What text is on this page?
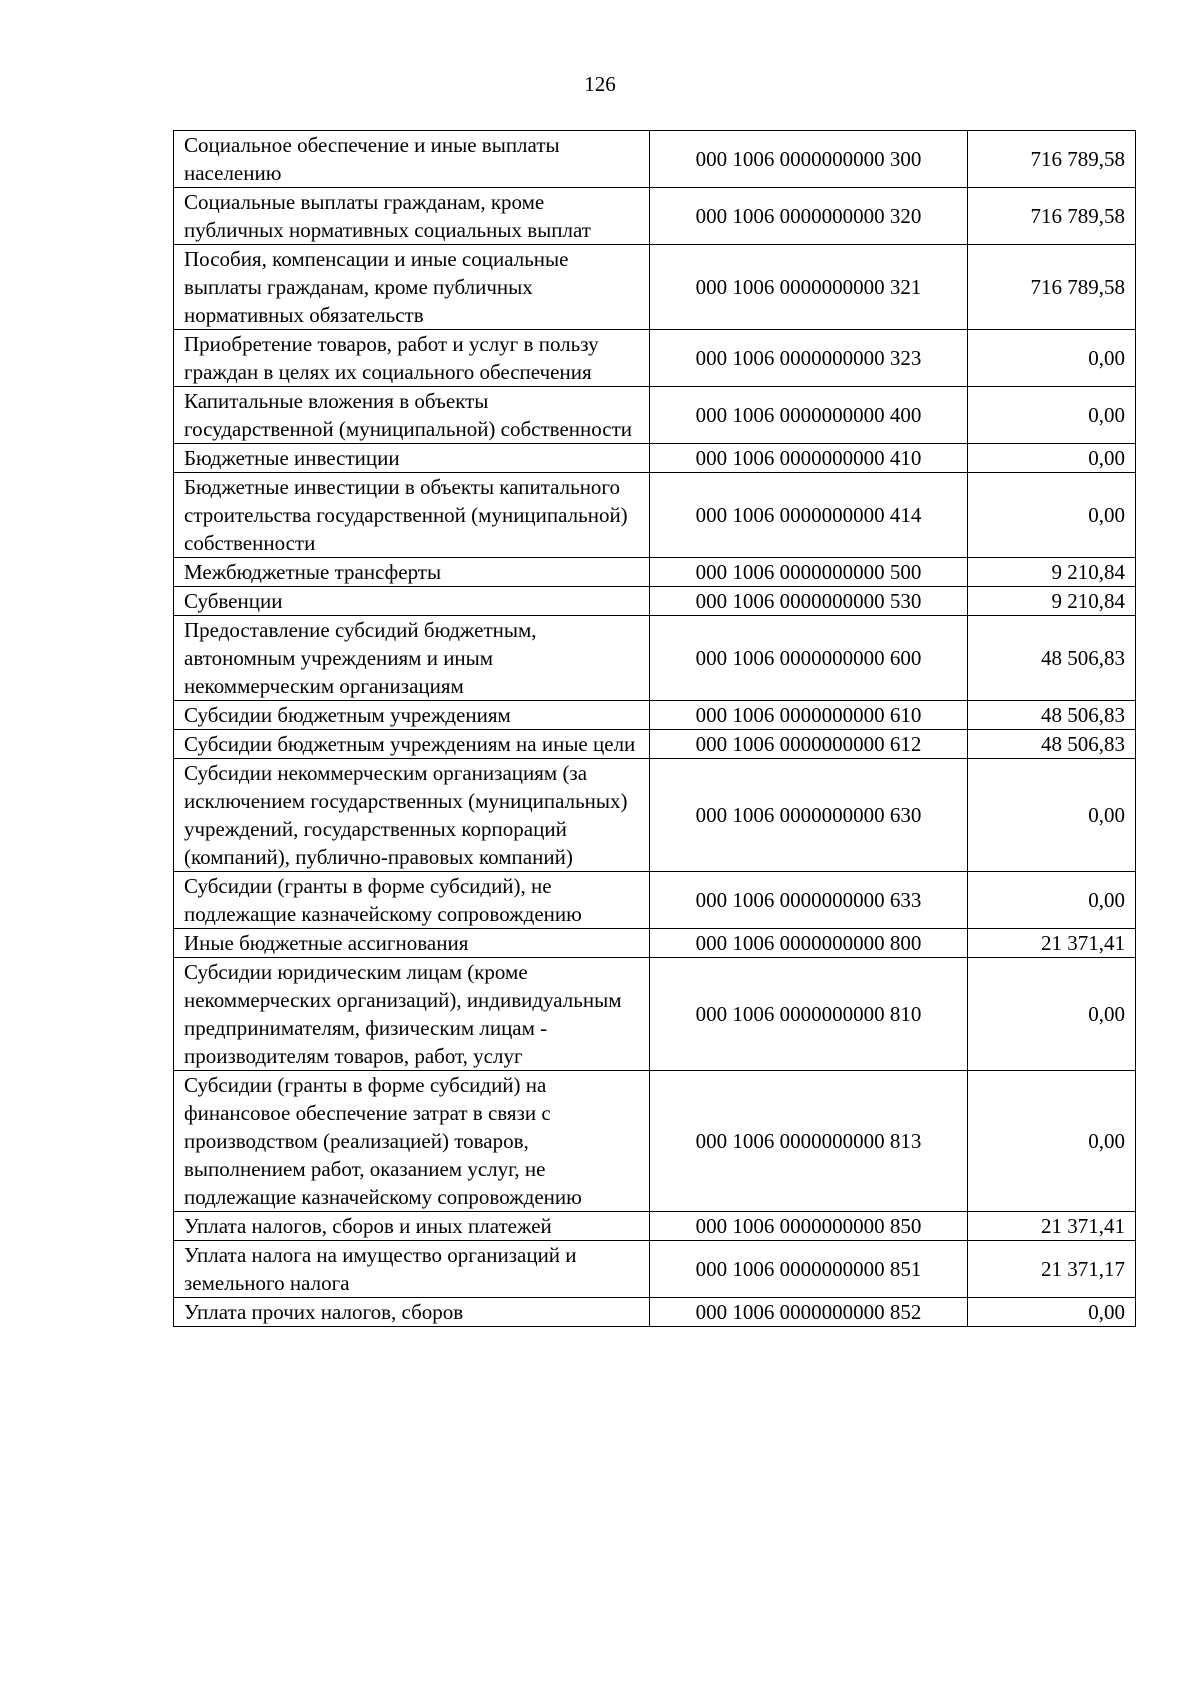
126
Социальное обеспечение и иные выплаты населению	000 1006 0000000000 300	716 789,58
Социальные выплаты гражданам, кроме публичных нормативных социальных выплат	000 1006 0000000000 320	716 789,58
Пособия, компенсации и иные социальные выплаты гражданам, кроме публичных нормативных обязательств	000 1006 0000000000 321	716 789,58
Приобретение товаров, работ и услуг в пользу граждан в целях их социального обеспечения	000 1006 0000000000 323	0,00
Капитальные вложения в объекты государственной (муниципальной) собственности	000 1006 0000000000 400	0,00
Бюджетные инвестиции	000 1006 0000000000 410	0,00
Бюджетные инвестиции в объекты капитального строительства государственной (муниципальной) собственности	000 1006 0000000000 414	0,00
Межбюджетные трансферты	000 1006 0000000000 500	9 210,84
Субвенции	000 1006 0000000000 530	9 210,84
Предоставление субсидий бюджетным, автономным учреждениям и иным некоммерческим организациям	000 1006 0000000000 600	48 506,83
Субсидии бюджетным учреждениям	000 1006 0000000000 610	48 506,83
Субсидии бюджетным учреждениям на иные цели	000 1006 0000000000 612	48 506,83
Субсидии некоммерческим организациям (за исключением государственных (муниципальных) учреждений, государственных корпораций (компаний), публично-правовых компаний)	000 1006 0000000000 630	0,00
Субсидии (гранты в форме субсидий), не подлежащие казначейскому сопровождению	000 1006 0000000000 633	0,00
Иные бюджетные ассигнования	000 1006 0000000000 800	21 371,41
Субсидии юридическим лицам (кроме некоммерческих организаций), индивидуальным предпринимателям, физическим лицам - производителям товаров, работ, услуг	000 1006 0000000000 810	0,00
Субсидии (гранты в форме субсидий) на финансовое обеспечение затрат в связи с производством (реализацией) товаров, выполнением работ, оказанием услуг, не подлежащие казначейскому сопровождению	000 1006 0000000000 813	0,00
Уплата налогов, сборов и иных платежей	000 1006 0000000000 850	21 371,41
Уплата налога на имущество организаций и земельного налога	000 1006 0000000000 851	21 371,17
Уплата прочих налогов, сборов	000 1006 0000000000 852	0,00
